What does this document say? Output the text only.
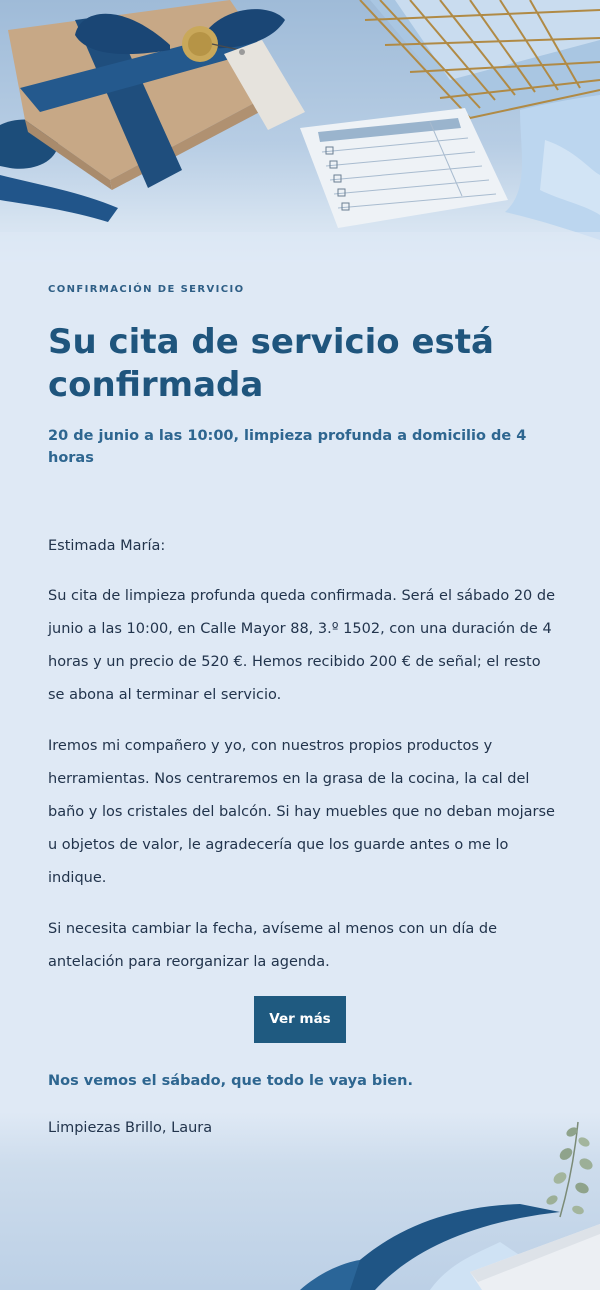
CONFIRMACIÓN DE SERVICIO

Su cita de servicio está confirmada

20 de junio a las 10:00, limpieza profunda a domicilio de 4 horas

Estimada María:

Su cita de limpieza profunda queda confirmada. Será el sábado 20 de junio a las 10:00, en Calle Mayor 88, 3.º 1502, con una duración de 4 horas y un precio de 520 €. Hemos recibido 200 € de señal; el resto se abona al terminar el servicio.

Iremos mi compañero y yo, con nuestros propios productos y herramientas. Nos centraremos en la grasa de la cocina, la cal del baño y los cristales del balcón. Si hay muebles que no deban mojarse u objetos de valor, le agradecería que los guarde antes o me lo indique.

Si necesita cambiar la fecha, avíseme al menos con un día de antelación para reorganizar la agenda.

Ver más

Nos vemos el sábado, que todo le vaya bien.

Limpiezas Brillo, Laura
